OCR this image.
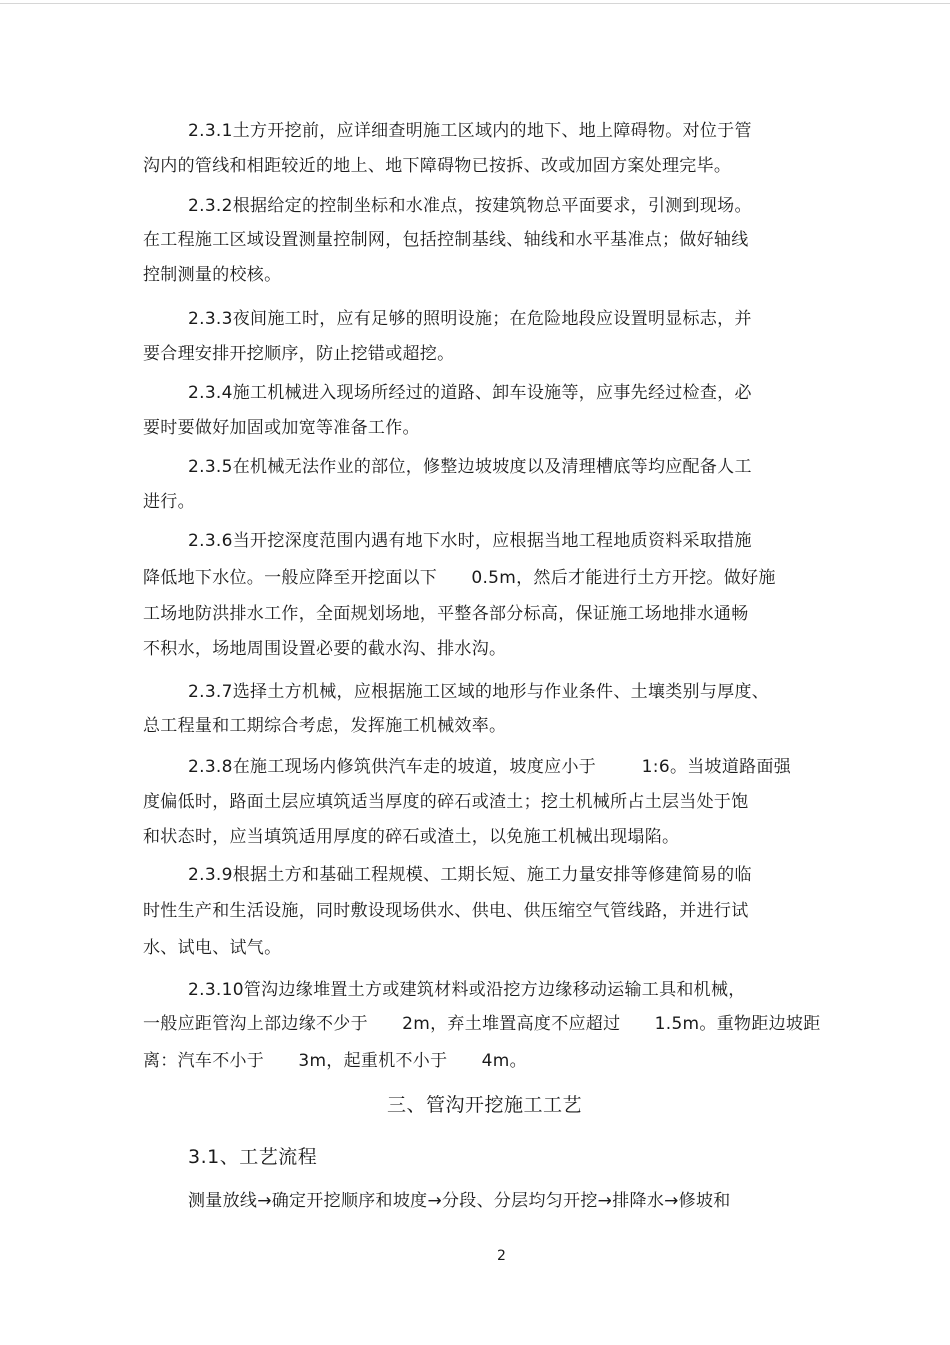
2.3.1土方开挖前，应详细查明施工区域内的地下、地上障碍物。对位于管
沟内的管线和相距较近的地上、地下障碍物已按拆、改或加固方案处理完毕。
2.3.2根据给定的控制坐标和水准点，按建筑物总平面要求，引测到现场。
在工程施工区域设置测量控制网，包括控制基线、轴线和水平基准点；做好轴线
控制测量的校核。
2.3.3夜间施工时，应有足够的照明设施；在危险地段应设置明显标志，并
要合理安排开挖顺序，防止挖错或超挖。
2.3.4施工机械进入现场所经过的道路、卸车设施等，应事先经过检查，必
要时要做好加固或加宽等准备工作。
2.3.5在机械无法作业的部位，修整边坡坡度以及清理槽底等均应配备人工
进行。
2.3.6当开挖深度范围内遇有地下水时，应根据当地工程地质资料采取措施
降低地下水位。一般应降至开挖面以下      0.5m，然后才能进行土方开挖。做好施
工场地防洪排水工作，全面规划场地，平整各部分标高，保证施工场地排水通畅
不积水，场地周围设置必要的截水沟、排水沟。
2.3.7选择土方机械，应根据施工区域的地形与作业条件、土壤类别与厚度、
总工程量和工期综合考虑，发挥施工机械效率。
2.3.8在施工现场内修筑供汽车走的坡道，坡度应小于        1:6。当坡道路面强
度偏低时，路面土层应填筑适当厚度的碎石或渣土；挖土机械所占土层当处于饱
和状态时，应当填筑适用厚度的碎石或渣土，以免施工机械出现塌陷。
2.3.9根据土方和基础工程规模、工期长短、施工力量安排等修建简易的临
时性生产和生活设施，同时敷设现场供水、供电、供压缩空气管线路，并进行试
水、试电、试气。
2.3.10管沟边缘堆置土方或建筑材料或沿挖方边缘移动运输工具和机械，
一般应距管沟上部边缘不少于      2m，弃土堆置高度不应超过      1.5m。重物距边坡距
离：汽车不小于      3m，起重机不小于      4m。
三、管沟开挖施工工艺
3.1、工艺流程
测量放线→确定开挖顺序和坡度→分段、分层均匀开挖→排降水→修坡和
2
